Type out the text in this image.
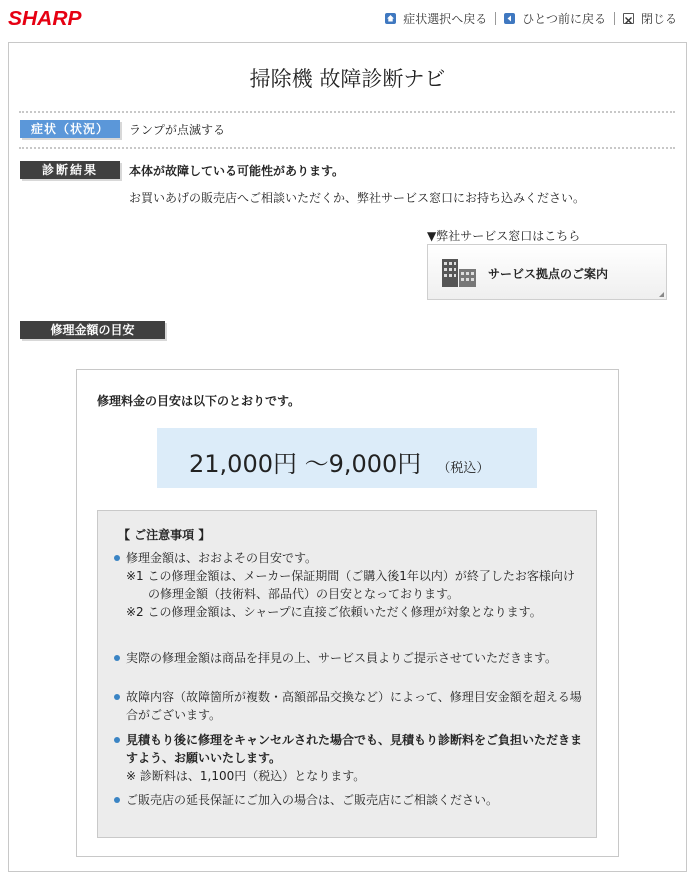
SHARP	症状選択へ戻る	ひとつ前に戻る	閉じる
掃除機 故障診断ナビ
症状（状況）	ランプが点滅する
診断結果	本体が故障している可能性があります。
お買いあげの販売店へご相談いただくか、弊社サービス窓口にお持ち込みください。
▼弊社サービス窓口はこちら
サービス拠点のご案内
修理金額の目安
修理料金の目安は以下のとおりです。
21,000円 〜9,000円 （税込）
【 ご注意事項 】
修理金額は、おおよその目安です。
※1 この修理金額は、メーカー保証期間（ご購入後1年以内）が終了したお客様向けの修理金額（技術料、部品代）の目安となっております。
※2 この修理金額は、シャープに直接ご依頼いただく修理が対象となります。
実際の修理金額は商品を拝見の上、サービス員よりご提示させていただきます。
故障内容（故障箇所が複数・高額部品交換など）によって、修理目安金額を超える場合がございます。
見積もり後に修理をキャンセルされた場合でも、見積もり診断料をご負担いただきますよう、お願いいたします。
※ 診断料は、1,100円（税込）となります。
ご販売店の延長保証にご加入の場合は、ご販売店にご相談ください。
